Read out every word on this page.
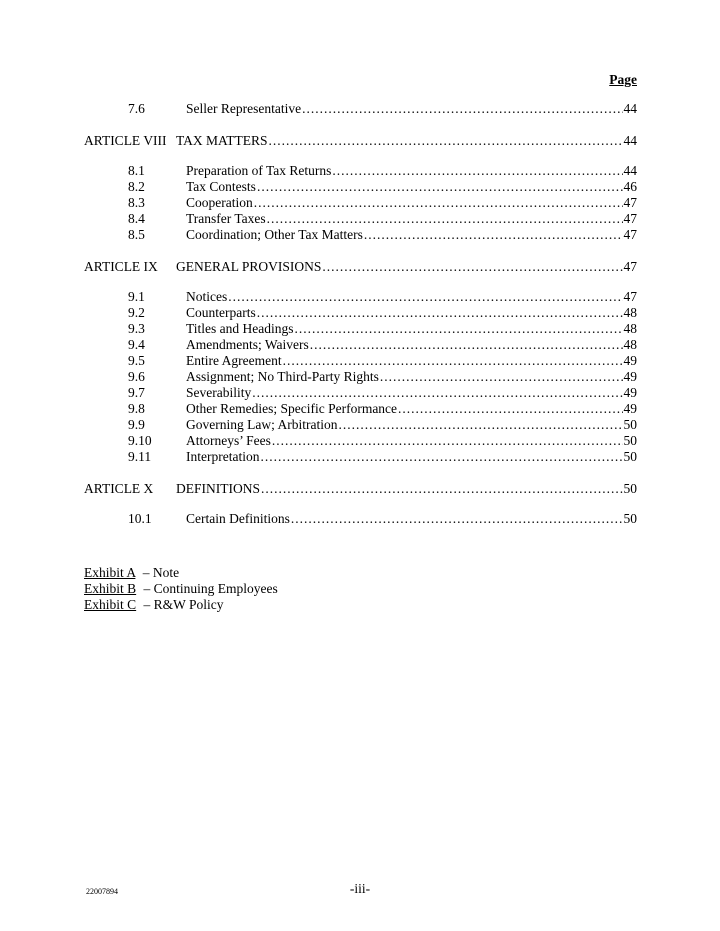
Page
7.6	Seller Representative .....	44
ARTICLE VIII TAX MATTERS .....	44
8.1	Preparation of Tax Returns .....	44
8.2	Tax Contests .....	46
8.3	Cooperation .....	47
8.4	Transfer Taxes .....	47
8.5	Coordination; Other Tax Matters .....	47
ARTICLE IX	GENERAL PROVISIONS .....	47
9.1	Notices .....	47
9.2	Counterparts .....	48
9.3	Titles and Headings .....	48
9.4	Amendments; Waivers .....	48
9.5	Entire Agreement .....	49
9.6	Assignment; No Third-Party Rights .....	49
9.7	Severability .....	49
9.8	Other Remedies; Specific Performance .....	49
9.9	Governing Law; Arbitration .....	50
9.10	Attorneys’ Fees .....	50
9.11	Interpretation .....	50
ARTICLE X	DEFINITIONS .....	50
10.1	Certain Definitions .....	50
Exhibit A – Note
Exhibit B – Continuing Employees
Exhibit C – R&W Policy
22007894	-iii-
